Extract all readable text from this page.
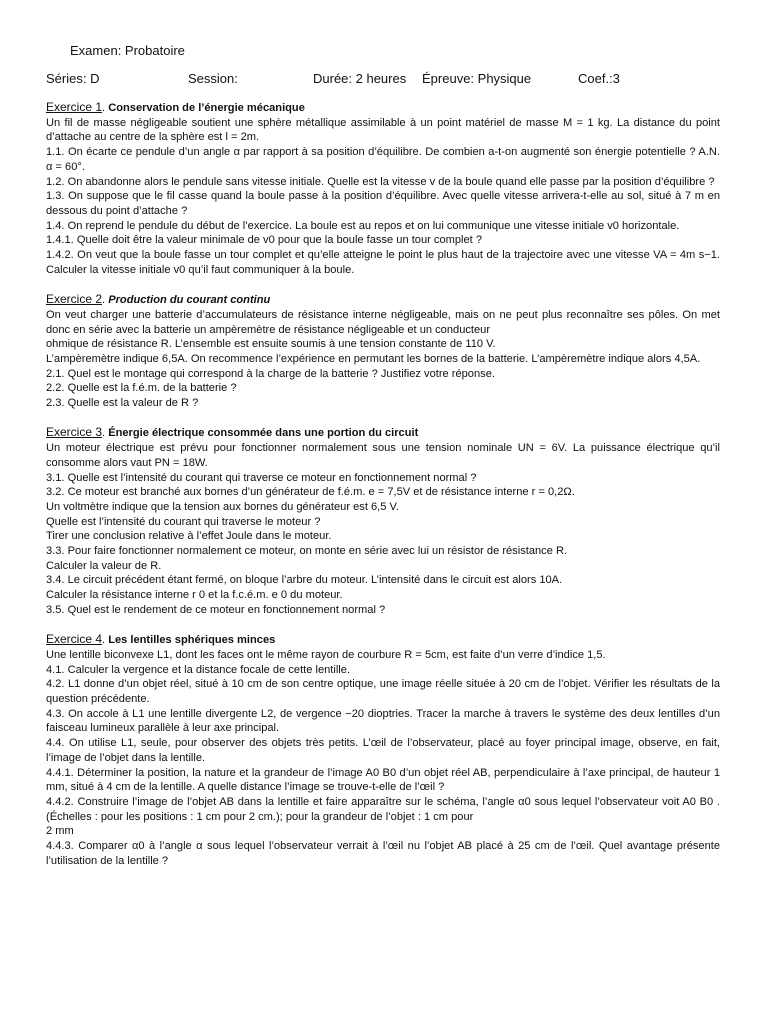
Examen: Probatoire
Séries: D	Session:	Durée: 2 heures Épreuve: Physique	Coef.:3

Exercice 1. Conservation de l’énergie mécanique

Un fil de masse négligeable soutient une sphère métallique assimilable à un point matériel de masse M = 1 kg. La distance du point d’attache au centre de la sphère est l = 2m.

1.1. On écarte ce pendule d’un angle α par rapport à sa position d’équilibre. De combien a-t-on augmenté son énergie potentielle ? A.N. α = 60°.

1.2. On abandonne alors le pendule sans vitesse initiale. Quelle est la vitesse v de la boule quand elle passe par la position d’équilibre ?

1.3. On suppose que le fil casse quand la boule passe à la position d’équilibre. Avec quelle vitesse arrivera-t-elle au sol, situé à 7 m en dessous du point d’attache ?

1.4. On reprend le pendule du début de l’exercice. La boule est au repos et on lui communique une vitesse initiale v0 horizontale.

1.4.1. Quelle doit être la valeur minimale de v0 pour que la boule fasse un tour complet ?

1.4.2. On veut que la boule fasse un tour complet et qu’elle atteigne le point le plus haut de la trajectoire avec une vitesse VA = 4m s−1. Calculer la vitesse initiale v0 qu’il faut communiquer à la boule.

Exercice 2. Production du courant continu

On veut charger une batterie d’accumulateurs de résistance interne négligeable, mais on ne peut plus reconnaître ses pôles. On met donc en série avec la batterie un ampèremètre de résistance négligeable et un conducteur

ohmique de résistance R. L’ensemble est ensuite soumis à une tension constante de 110 V.

L’ampèremètre indique 6,5A. On recommence l’expérience en permutant les bornes de la batterie. L’ampèremètre indique alors 4,5A.

2.1. Quel est le montage qui correspond à la charge de la batterie ? Justifiez votre réponse.

2.2. Quelle est la f.é.m. de la batterie ?

2.3. Quelle est la valeur de R ?

Exercice 3. Énergie électrique consommée dans une portion du circuit

Un moteur électrique est prévu pour fonctionner normalement sous une tension nominale UN = 6V. La puissance électrique qu’il consomme alors vaut PN = 18W.

3.1. Quelle est l’intensité du courant qui traverse ce moteur en fonctionnement normal ?

3.2. Ce moteur est branché aux bornes d’un générateur de f.é.m. e = 7,5V et de résistance interne r = 0,2Ω.

Un voltmètre indique que la tension aux bornes du générateur est 6,5 V.

Quelle est l’intensité du courant qui traverse le moteur ?

Tirer une conclusion relative à l’effet Joule dans le moteur.

3.3. Pour faire fonctionner normalement ce moteur, on monte en série avec lui un résistor de résistance R.

Calculer la valeur de R.

3.4. Le circuit précédent étant fermé, on bloque l’arbre du moteur. L’intensité dans le circuit est alors 10A.

Calculer la résistance interne r 0 et la f.c.é.m. e 0 du moteur.

3.5. Quel est le rendement de ce moteur en fonctionnement normal ?

Exercice 4. Les lentilles sphériques minces

Une lentille biconvexe L1, dont les faces ont le même rayon de courbure R = 5cm, est faite d’un verre d’indice 1,5.

4.1. Calculer la vergence et la distance focale de cette lentille.

4.2. L1 donne d’un objet réel, situé à 10 cm de son centre optique, une image réelle située à 20 cm de l’objet. Vérifier les résultats de la question précédente.

4.3. On accole à L1 une lentille divergente L2, de vergence −20 dioptries. Tracer la marche à travers le système des deux lentilles d’un faisceau lumineux parallèle à leur axe principal.

4.4. On utilise L1, seule, pour observer des objets très petits. L’œil de l’observateur, placé au foyer principal image, observe, en fait, l’image de l’objet dans la lentille.

4.4.1. Déterminer la position, la nature et la grandeur de l’image A0 B0 d’un objet réel AB, perpendiculaire à l’axe principal, de hauteur 1 mm, situé à 4 cm de la lentille. A quelle distance l’image se trouve-t-elle de l’œil ?

4.4.2. Construire l’image de l’objet AB dans la lentille et faire apparaître sur le schéma, l’angle α0 sous lequel l’observateur voit A0 B0 . (Échelles : pour les positions : 1 cm pour 2 cm.); pour la grandeur de l’objet : 1 cm pour

2 mm

4.4.3. Comparer α0 à l’angle α sous lequel l’observateur verrait à l’œil nu l’objet AB placé à 25 cm de l’œil. Quel avantage présente l’utilisation de la lentille ?
